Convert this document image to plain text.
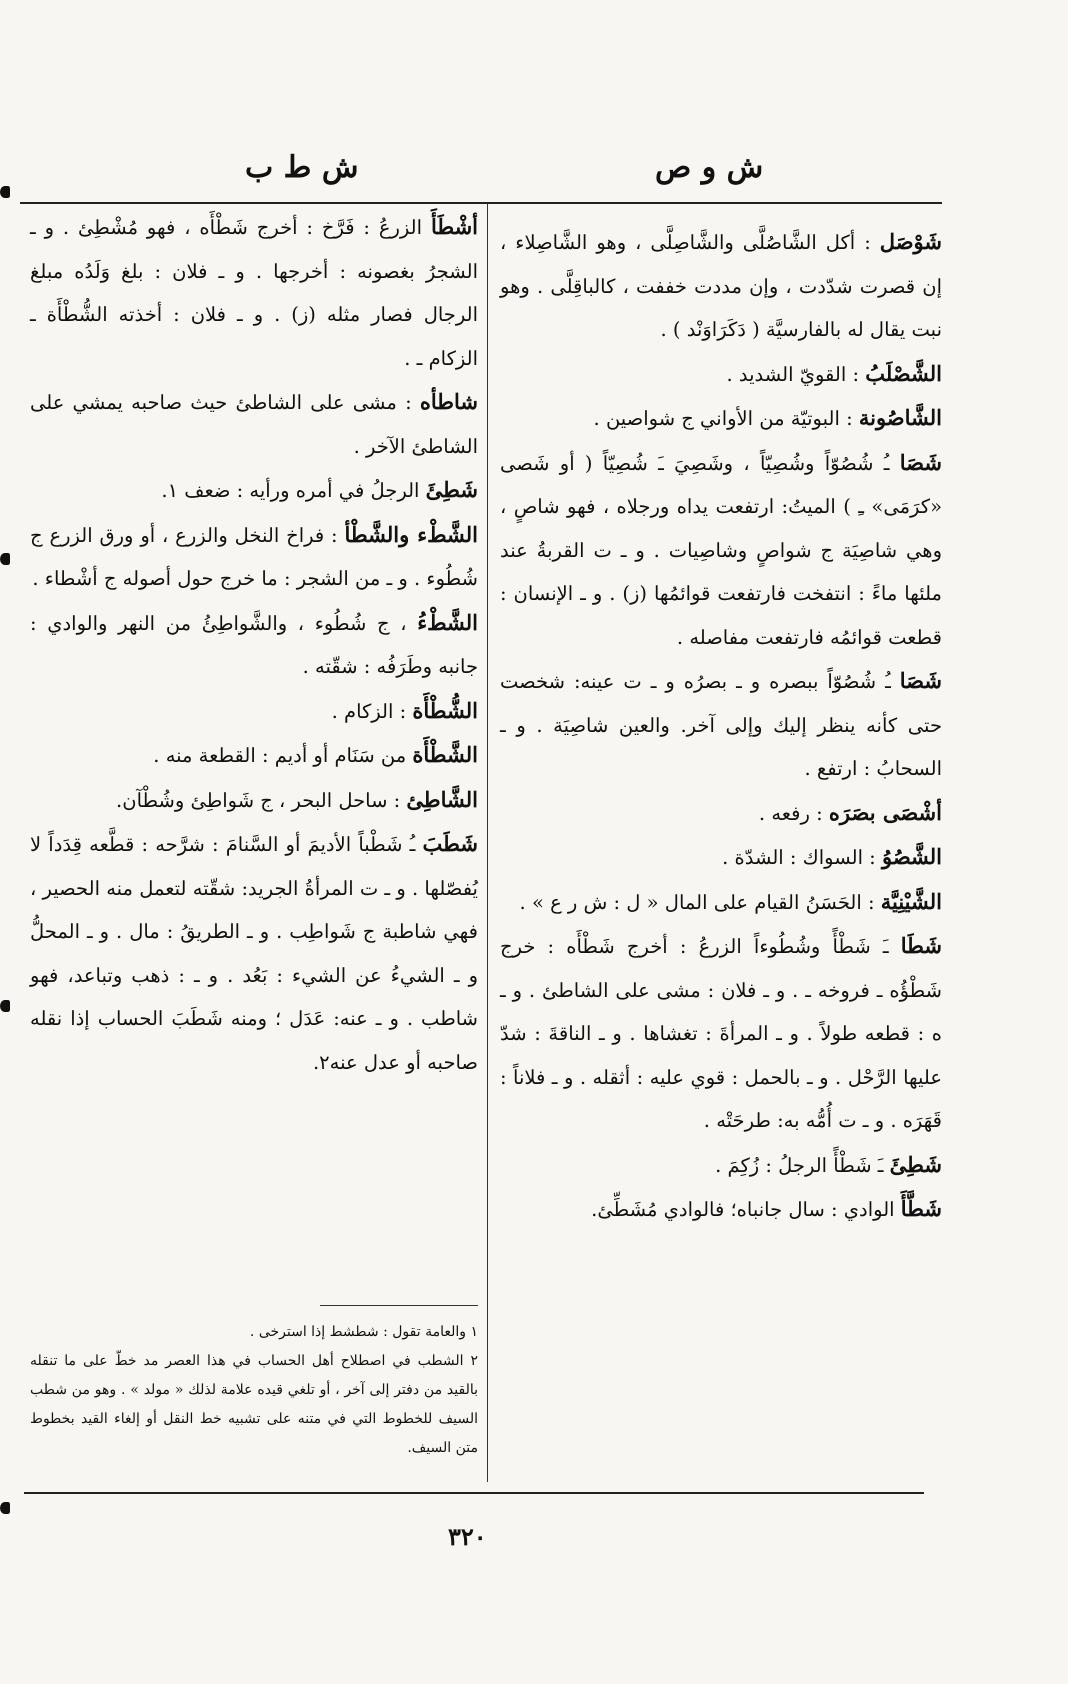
ش و ص
ش ط ب

شَوْصَل : أكل الشَّاصُلَّى والشَّاصِلَّى ، وهو الشَّاصِلاء ، إن قصرت شدّدت ، وإن مددت خففت ، كالباقِلَّى . وهو نبت يقال له بالفارسيَّة ( دَكَرَاوَنْد ) .

الشَّصْلَبُ : القويّ الشديد .

الشَّاصُونة : البوتيّة من الأواني ج شواصين .

شَصَا ـُ شُصُوّاً وشُصِيّاً ، وشَصِيَ ـَ شُصِيّاً ( أو شَصى «كرَمَى» ـِ ) الميتُ: ارتفعت يداه ورجلاه ، فهو شاصٍ ، وهي شاصِيَة ج شواصٍ وشاصِيات . و ـ ت القربةُ عند ملئها ماءً : انتفخت فارتفعت قوائمُها (ز) . و ـ الإنسان : قطعت قوائمُه فارتفعت مفاصله .

شَصَا ـُ شُصُوّاً ببصره و ـ بصرُه و ـ ت عينه: شخصت حتى كأنه ينظر إليك وإلى آخر. والعين شاصِيَة . و ـ السحابُ : ارتفع .

أشْصَى بصَرَه : رفعه .

الشَّصُوُ : السواك : الشدّة .

الشَّيْنِيَّة : الحَسَنُ القيام على المال « ل : ش ر ع » .

شَطَا ـَ شَطْأً وشُطُوءاً الزرعُ : أخرج شَطْأَه : خرج شَطْؤُه ـ فروخه ـ . و ـ فلان : مشى على الشاطئ . و ـ ه : قطعه طولاً . و ـ المرأةَ : تغشاها . و ـ الناقةَ : شدّ عليها الرَّحْل . و ـ بالحمل : قوي عليه : أثقله . و ـ فلاناً : قَهَرَه . و ـ ت أُمُّه به: طرحَتْه .

شَطِئَ ـَ شَطْأً الرجلُ : زُكِمَ .

شَطَّأَ الوادي : سال جانباه؛ فالوادي مُشَطِّئ.

أشْطَأَ الزرعُ : فَرَّخ : أخرج شَطْأَه ، فهو مُشْطِئ . و ـ الشجرُ بغصونه : أخرجها . و ـ فلان : بلغ وَلَدُه مبلغ الرجال فصار مثله (ز) . و ـ فلان : أخذته الشُّطْأَة ـ الزكام ـ .

شاطأه : مشى على الشاطئ حيث صاحبه يمشي على الشاطئ الآخر .

شَطِئَ الرجلُ في أمره ورأيه : ضعف ١.

الشَّطْء والشَّطْأ : فراخ النخل والزرع ، أو ورق الزرع ج شُطُوء . و ـ من الشجر : ما خرج حول أصوله ج أشْطاء .

الشَّطْءُ ، ج شُطُوء ، والشَّواطِئُ من النهر والوادي : جانبه وطَرَفُه : شقّته .

الشُّطْأَة : الزكام .

الشَّطْأَة من سَنَام أو أديم : القطعة منه .

الشَّاطِئ : ساحل البحر ، ج شَواطِئ وشُطْآن.

شَطَبَ ـُ شَطْباً الأديمَ أو السَّنامَ : شرَّحه : قطَّعه قِدَداً لا يُفصّلها . و ـ ت المرأةُ الجريد: شقّته لتعمل منه الحصير ، فهي شاطبة ج شَواطِب . و ـ الطريقُ : مال . و ـ المحلُّ و ـ الشيءُ عن الشيء : بَعُد . و ـ : ذهب وتباعد، فهو شاطب . و ـ عنه: عَدَل ؛ ومنه شَطَبَ الحساب إذا نقله صاحبه أو عدل عنه٢.

١ والعامة تقول : شطشط إذا استرخى .

٢ الشطب في اصطلاح أهل الحساب في هذا العصر مد خطّ على ما تنقله بالقيد من دفتر إلى آخر ، أو تلغي قيده علامة لذلك « مولد » . وهو من شطب السيف للخطوط التي في متنه على تشبيه خط النقل أو إلغاء القيد بخطوط متن السيف.

٣٢٠
